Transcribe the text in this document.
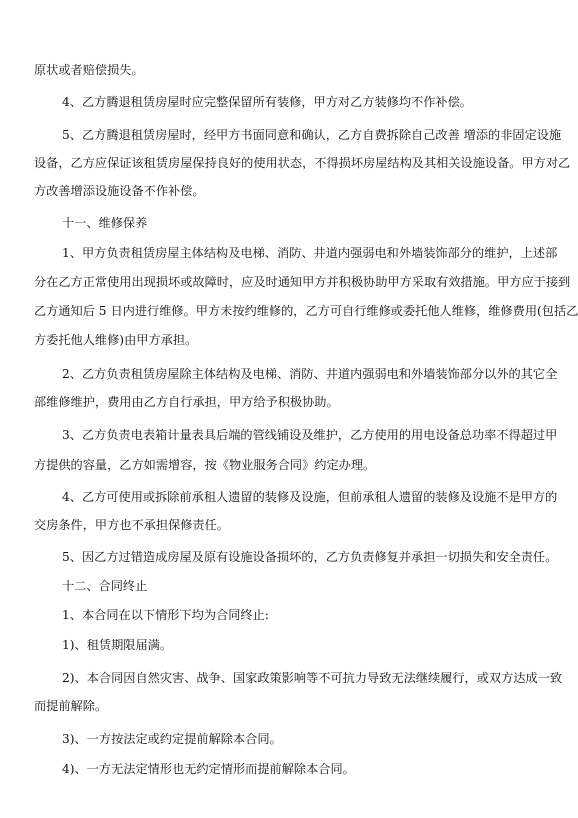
原状或者赔偿损失。
4、乙方腾退租赁房屋时应完整保留所有装修，甲方对乙方装修均不作补偿。
5、乙方腾退租赁房屋时，经甲方书面同意和确认，乙方自费拆除自己改善 增添的非固定设施
设备，乙方应保证该租赁房屋保持良好的使用状态，不得损坏房屋结构及其相关设施设备。甲方对乙
方改善增添设施设备不作补偿。
十一、维修保养
1、甲方负责租赁房屋主体结构及电梯、消防、井道内强弱电和外墙装饰部分的维护，上述部
分在乙方正常使用出现损坏或故障时，应及时通知甲方并积极协助甲方采取有效措施。甲方应于接到
乙方通知后 5 日内进行维修。甲方未按约维修的，乙方可自行维修或委托他人维修，维修费用(包括乙
方委托他人维修)由甲方承担。
2、乙方负责租赁房屋除主体结构及电梯、消防、井道内强弱电和外墙装饰部分以外的其它全
部维修维护，费用由乙方自行承担，甲方给予积极协助。
3、乙方负责电表箱计量表具后端的管线铺设及维护，乙方使用的用电设备总功率不得超过甲
方提供的容量，乙方如需增容，按《物业服务合同》约定办理。
4、乙方可使用或拆除前承租人遗留的装修及设施，但前承租人遗留的装修及设施不是甲方的
交房条件，甲方也不承担保修责任。
5、因乙方过错造成房屋及原有设施设备损坏的，乙方负责修复并承担一切损失和安全责任。
十二、合同终止
1、本合同在以下情形下均为合同终止:
1)、租赁期限届满。
2)、本合同因自然灾害、战争、国家政策影响等不可抗力导致无法继续履行，或双方达成一致
而提前解除。
3)、一方按法定或约定提前解除本合同。
4)、一方无法定情形也无约定情形而提前解除本合同。
